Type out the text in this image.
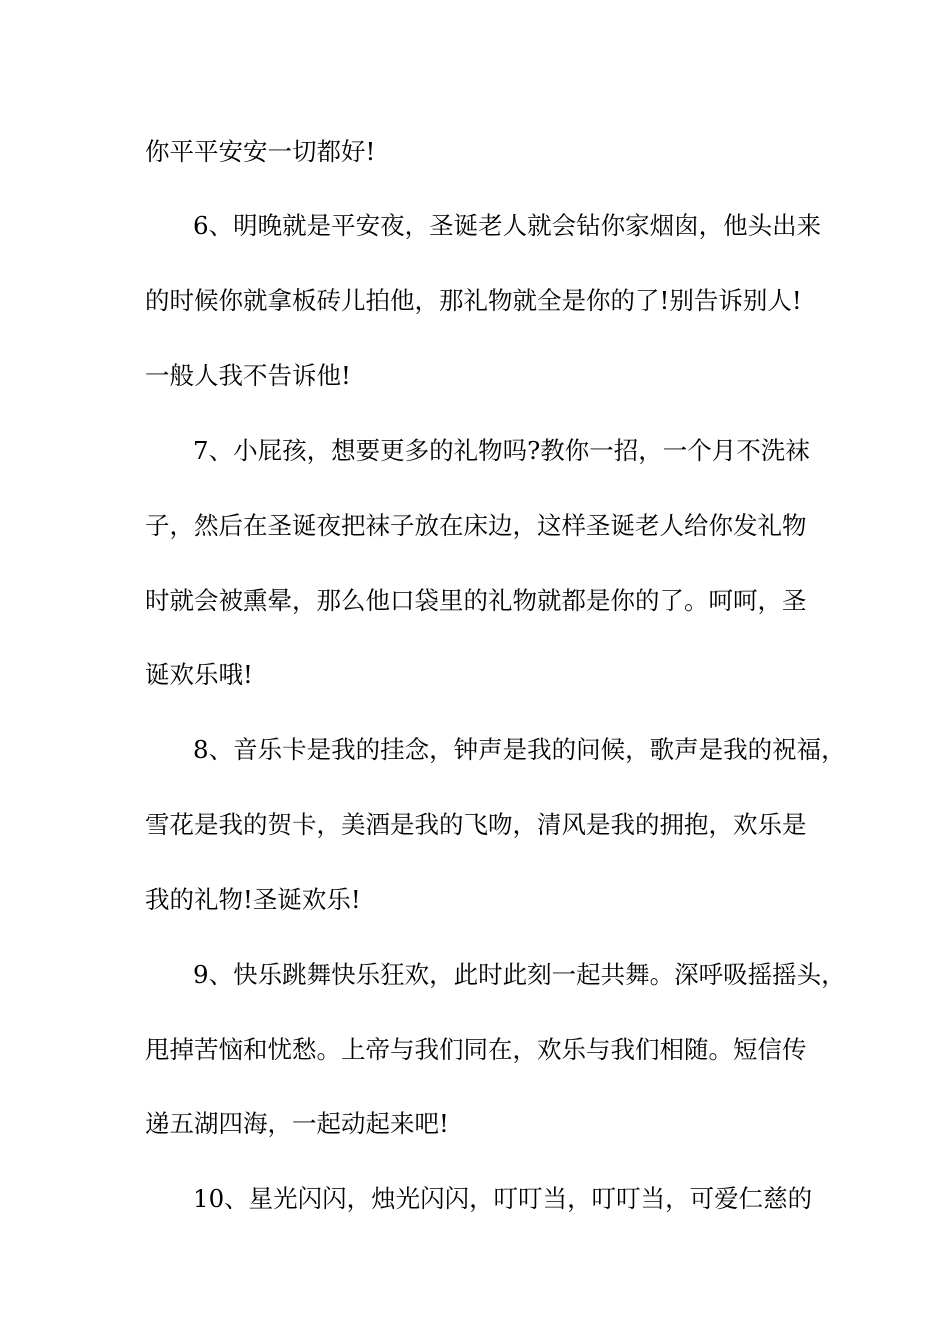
你平平安安一切都好!
6、明晚就是平安夜，圣诞老人就会钻你家烟囱，他头出来
的时候你就拿板砖儿拍他，那礼物就全是你的了!别告诉别人!
一般人我不告诉他!
7、小屁孩，想要更多的礼物吗?教你一招，一个月不洗袜
子，然后在圣诞夜把袜子放在床边，这样圣诞老人给你发礼物
时就会被熏晕，那么他口袋里的礼物就都是你的了。呵呵，圣
诞欢乐哦!
8、音乐卡是我的挂念，钟声是我的问候，歌声是我的祝福，
雪花是我的贺卡，美酒是我的飞吻，清风是我的拥抱，欢乐是
我的礼物!圣诞欢乐!
9、快乐跳舞快乐狂欢，此时此刻一起共舞。深呼吸摇摇头，
甩掉苦恼和忧愁。上帝与我们同在，欢乐与我们相随。短信传
递五湖四海，一起动起来吧!
10、星光闪闪，烛光闪闪，叮叮当，叮叮当，可爱仁慈的
